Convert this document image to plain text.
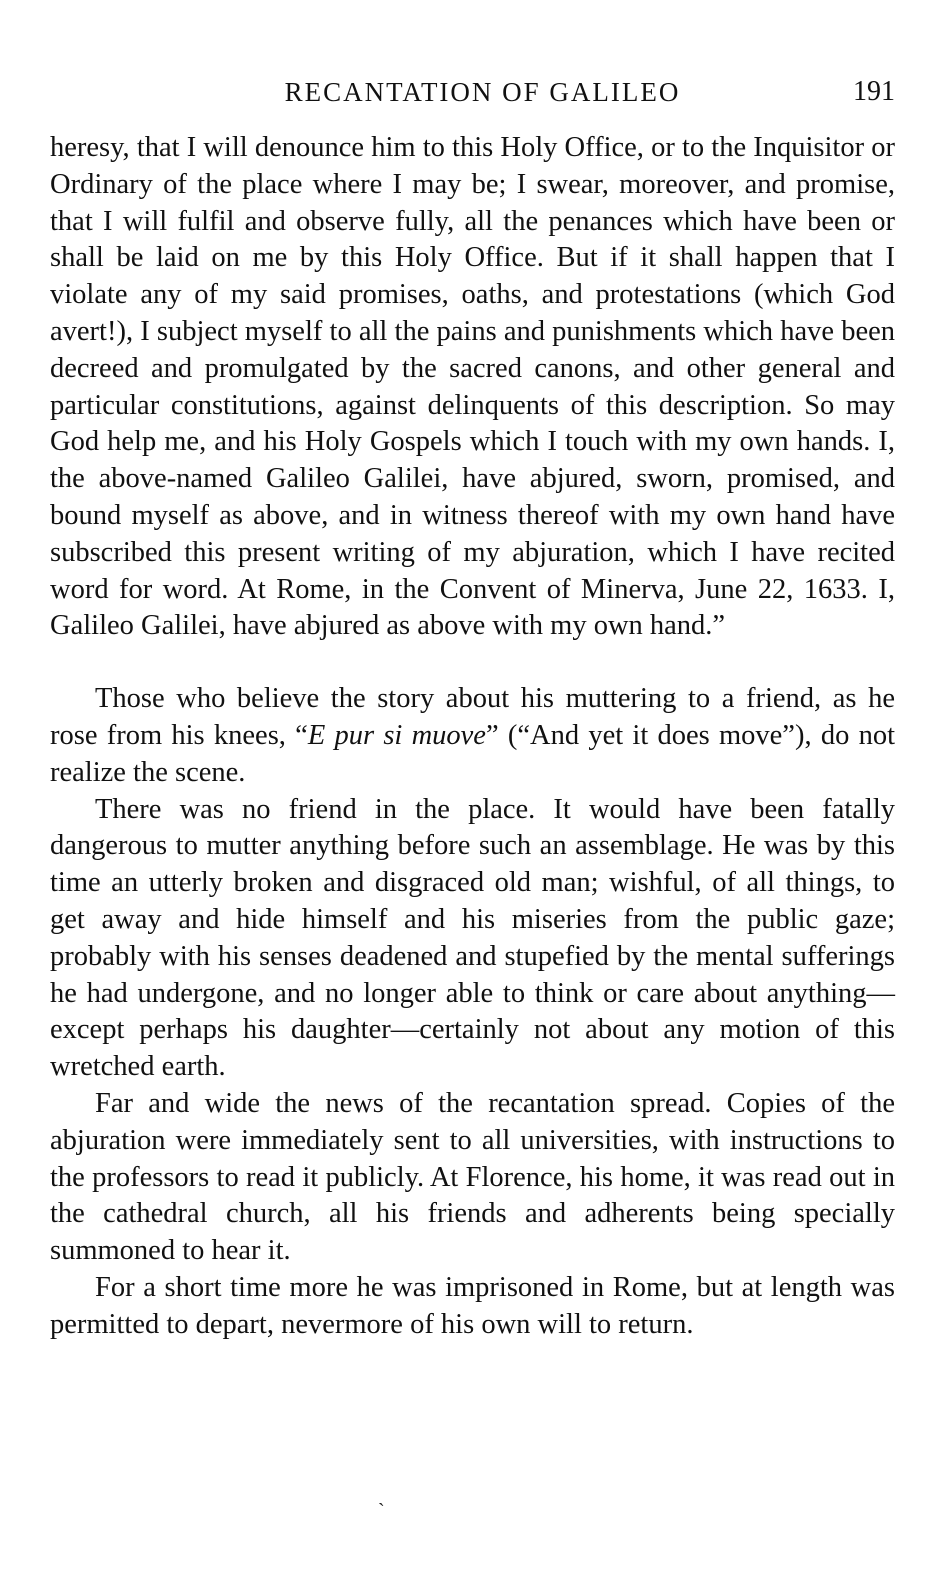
RECANTATION OF GALILEO	191

heresy, that I will denounce him to this Holy Office, or to the Inquisitor or Ordinary of the place where I may be; I swear, moreover, and promise, that I will fulfil and observe fully, all the penances which have been or shall be laid on me by this Holy Office. But if it shall happen that I violate any of my said promises, oaths, and protestations (which God avert!), I subject myself to all the pains and punishments which have been decreed and promulgated by the sacred canons, and other general and particular constitutions, against delinquents of this description. So may God help me, and his Holy Gospels which I touch with my own hands. I, the above-named Galileo Galilei, have abjured, sworn, promised, and bound myself as above, and in witness thereof with my own hand have subscribed this present writing of my abjuration, which I have recited word for word. At Rome, in the Convent of Minerva, June 22, 1633. I, Galileo Galilei, have abjured as above with my own hand.”

Those who believe the story about his muttering to a friend, as he rose from his knees, “E pur si muove” (“And yet it does move”), do not realize the scene.

There was no friend in the place. It would have been fatally dangerous to mutter anything before such an assemblage. He was by this time an utterly broken and disgraced old man; wishful, of all things, to get away and hide himself and his miseries from the public gaze; probably with his senses deadened and stupefied by the mental sufferings he had undergone, and no longer able to think or care about anything—except perhaps his daughter—certainly not about any motion of this wretched earth.

Far and wide the news of the recantation spread. Copies of the abjuration were immediately sent to all universities, with instructions to the professors to read it publicly. At Florence, his home, it was read out in the cathedral church, all his friends and adherents being specially summoned to hear it.

For a short time more he was imprisoned in Rome, but at length was permitted to depart, nevermore of his own will to return.

`
